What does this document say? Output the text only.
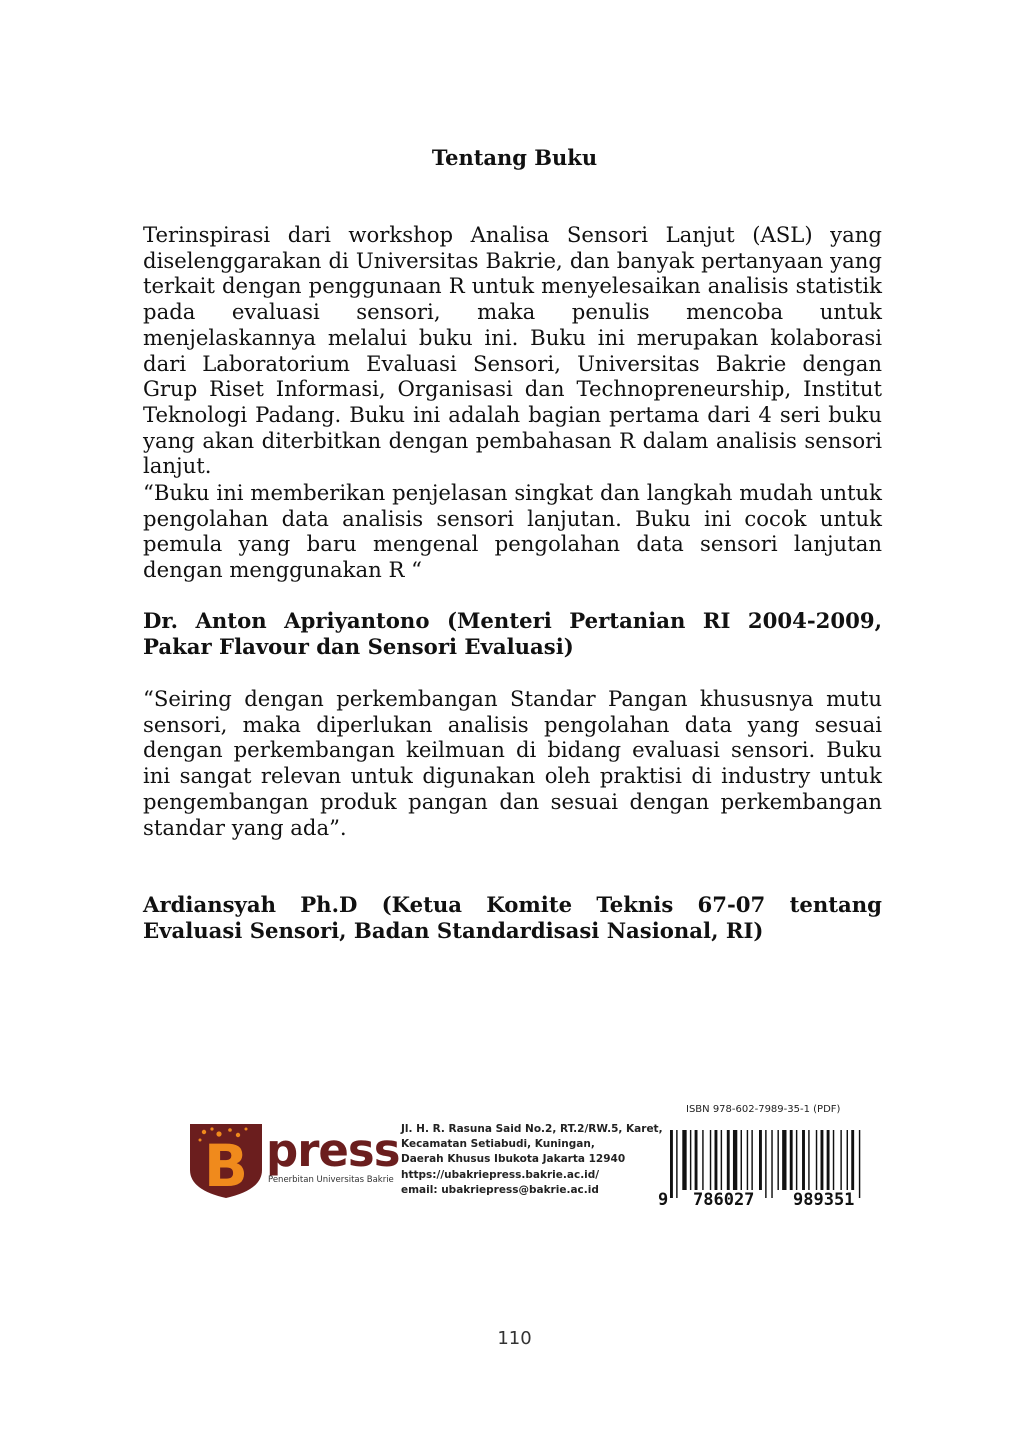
Tentang Buku

Terinspirasi dari workshop Analisa Sensori Lanjut (ASL) yang diselenggarakan di Universitas Bakrie, dan banyak pertanyaan yang terkait dengan penggunaan R untuk menyelesaikan analisis statistik pada evaluasi sensori, maka penulis mencoba untuk menjelaskannya melalui buku ini. Buku ini merupakan kolaborasi dari Laboratorium Evaluasi Sensori, Universitas Bakrie dengan Grup Riset Informasi, Organisasi dan Technopreneurship, Institut Teknologi Padang. Buku ini adalah bagian pertama dari 4 seri buku yang akan diterbitkan dengan pembahasan R dalam analisis sensori lanjut.

“Buku ini memberikan penjelasan singkat dan langkah mudah untuk pengolahan data analisis sensori lanjutan. Buku ini cocok untuk pemula yang baru mengenal pengolahan data sensori lanjutan dengan menggunakan R “

Dr. Anton Apriyantono (Menteri Pertanian RI 2004-2009, Pakar Flavour dan Sensori Evaluasi)

“Seiring dengan perkembangan Standar Pangan khususnya mutu sensori, maka diperlukan analisis pengolahan data yang sesuai dengan perkembangan keilmuan di bidang evaluasi sensori. Buku ini sangat relevan untuk digunakan oleh praktisi di industry untuk pengembangan produk pangan dan sesuai dengan perkembangan standar yang ada”.

Ardiansyah Ph.D (Ketua Komite Teknis 67-07 tentang Evaluasi Sensori, Badan Standardisasi Nasional, RI)

B press
Penerbitan Universitas Bakrie
Jl. H. R. Rasuna Said No.2, RT.2/RW.5, Karet,
Kecamatan Setiabudi, Kuningan,
Daerah Khusus Ibukota Jakarta 12940
https://ubakriepress.bakrie.ac.id/
email: ubakriepress@bakrie.ac.id
ISBN 978-602-7989-35-1 (PDF)
9 786027 989351
110
